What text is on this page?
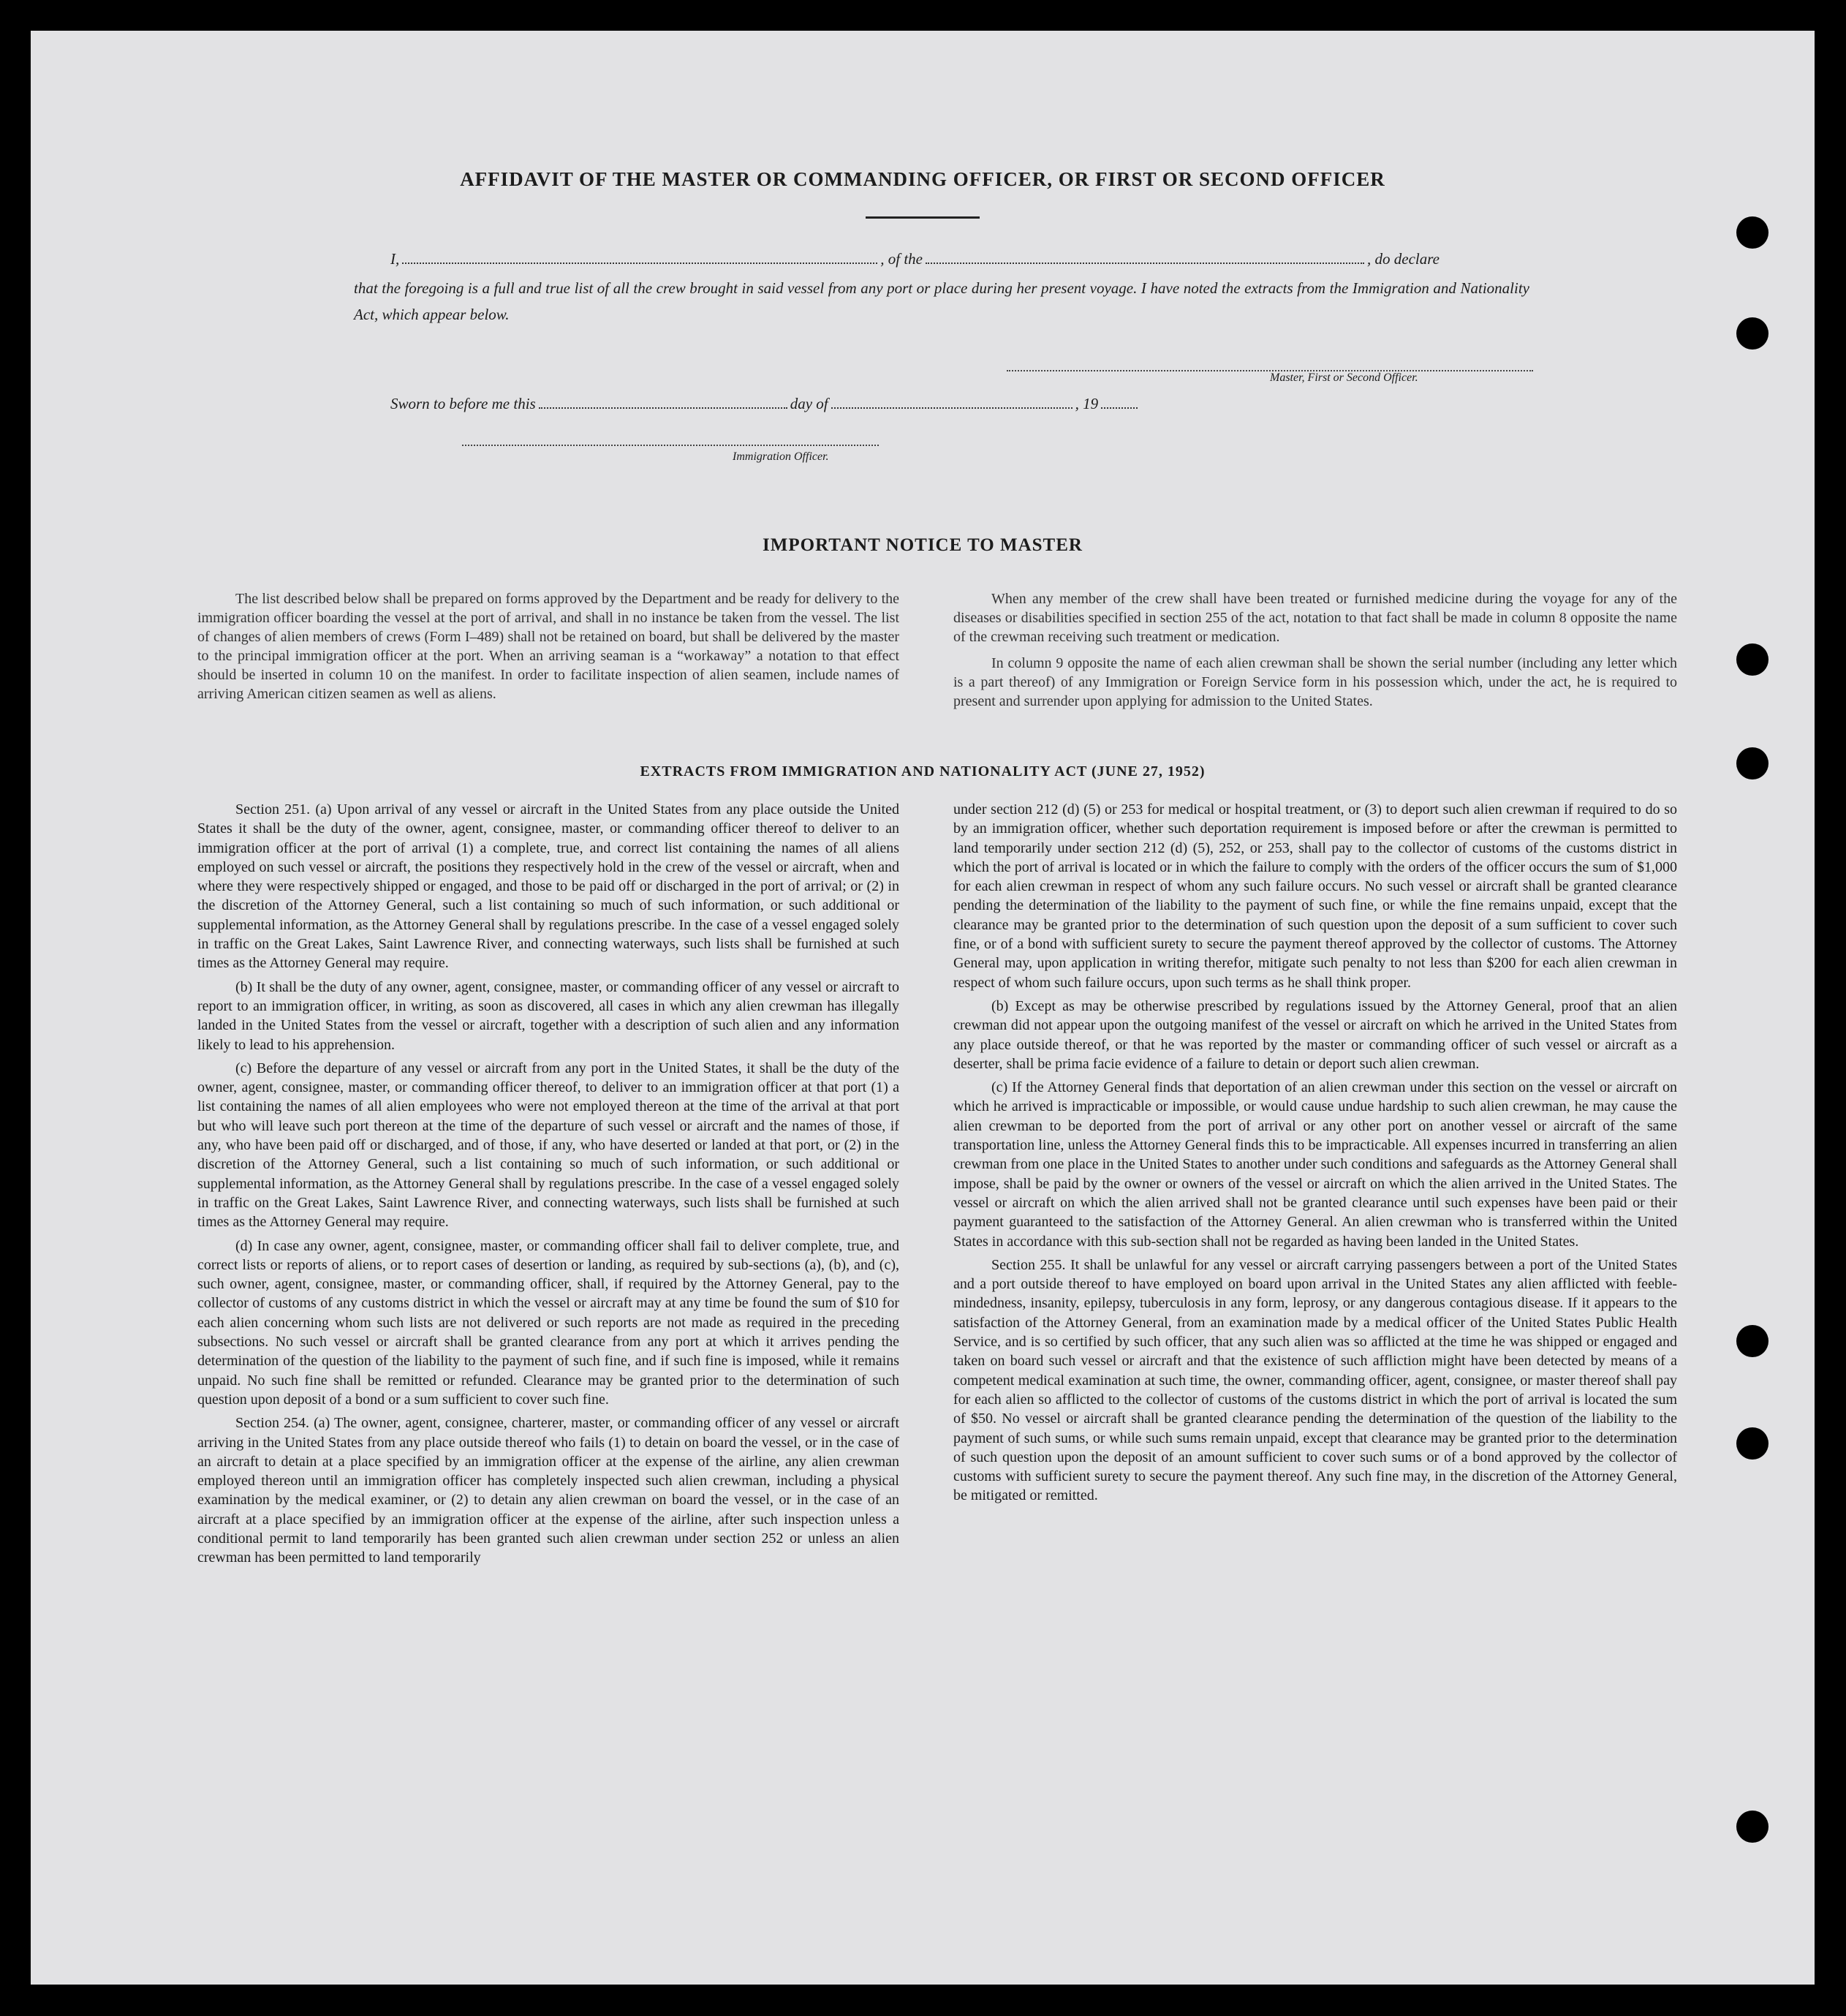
AFFIDAVIT OF THE MASTER OR COMMANDING OFFICER, OR FIRST OR SECOND OFFICER
I,	, of the	, do declare
that the foregoing is a full and true list of all the crew brought in said vessel from any port or place during her present voyage. I have noted the extracts from the Immigration and Nationality Act, which appear below.
Master, First or Second Officer.
Sworn to before me this	day of	, 19
Immigration Officer.
IMPORTANT NOTICE TO MASTER

The list described below shall be prepared on forms approved by the Department and be ready for delivery to the immigration officer boarding the vessel at the port of arrival, and shall in no instance be taken from the vessel. The list of changes of alien members of crews (Form I–489) shall not be retained on board, but shall be delivered by the master to the principal immigration officer at the port. When an arriving seaman is a “workaway” a notation to that effect should be inserted in column 10 on the manifest. In order to facilitate inspection of alien seamen, include names of arriving American citizen seamen as well as aliens.

When any member of the crew shall have been treated or furnished medicine during the voyage for any of the diseases or disabilities specified in section 255 of the act, notation to that fact shall be made in column 8 opposite the name of the crewman receiving such treatment or medication.

In column 9 opposite the name of each alien crewman shall be shown the serial number (including any letter which is a part thereof) of any Immigration or Foreign Service form in his possession which, under the act, he is required to present and surrender upon applying for admission to the United States.

EXTRACTS FROM IMMIGRATION AND NATIONALITY ACT (JUNE 27, 1952)

Section 251. (a) Upon arrival of any vessel or aircraft in the United States from any place outside the United States it shall be the duty of the owner, agent, consignee, master, or commanding officer thereof to deliver to an immigration officer at the port of arrival (1) a complete, true, and correct list containing the names of all aliens employed on such vessel or aircraft, the positions they respectively hold in the crew of the vessel or aircraft, when and where they were respectively shipped or engaged, and those to be paid off or discharged in the port of arrival; or (2) in the discretion of the Attorney General, such a list containing so much of such information, or such additional or supplemental information, as the Attorney General shall by regulations prescribe. In the case of a vessel engaged solely in traffic on the Great Lakes, Saint Lawrence River, and connecting waterways, such lists shall be furnished at such times as the Attorney General may require.

(b) It shall be the duty of any owner, agent, consignee, master, or commanding officer of any vessel or aircraft to report to an immigration officer, in writing, as soon as discovered, all cases in which any alien crewman has illegally landed in the United States from the vessel or aircraft, together with a description of such alien and any information likely to lead to his apprehension.

(c) Before the departure of any vessel or aircraft from any port in the United States, it shall be the duty of the owner, agent, consignee, master, or commanding officer thereof, to deliver to an immigration officer at that port (1) a list containing the names of all alien employees who were not employed thereon at the time of the arrival at that port but who will leave such port thereon at the time of the departure of such vessel or aircraft and the names of those, if any, who have been paid off or discharged, and of those, if any, who have deserted or landed at that port, or (2) in the discretion of the Attorney General, such a list containing so much of such information, or such additional or supplemental information, as the Attorney General shall by regulations prescribe. In the case of a vessel engaged solely in traffic on the Great Lakes, Saint Lawrence River, and connecting waterways, such lists shall be furnished at such times as the Attorney General may require.

(d) In case any owner, agent, consignee, master, or commanding officer shall fail to deliver complete, true, and correct lists or reports of aliens, or to report cases of desertion or landing, as required by sub-sections (a), (b), and (c), such owner, agent, consignee, master, or commanding officer, shall, if required by the Attorney General, pay to the collector of customs of any customs district in which the vessel or aircraft may at any time be found the sum of $10 for each alien concerning whom such lists are not delivered or such reports are not made as required in the preceding subsections. No such vessel or aircraft shall be granted clearance from any port at which it arrives pending the determination of the question of the liability to the payment of such fine, and if such fine is imposed, while it remains unpaid. No such fine shall be remitted or refunded. Clearance may be granted prior to the determination of such question upon deposit of a bond or a sum sufficient to cover such fine.

Section 254. (a) The owner, agent, consignee, charterer, master, or commanding officer of any vessel or aircraft arriving in the United States from any place outside thereof who fails (1) to detain on board the vessel, or in the case of an aircraft to detain at a place specified by an immigration officer at the expense of the airline, any alien crewman employed thereon until an immigration officer has completely inspected such alien crewman, including a physical examination by the medical examiner, or (2) to detain any alien crewman on board the vessel, or in the case of an aircraft at a place specified by an immigration officer at the expense of the airline, after such inspection unless a conditional permit to land temporarily has been granted such alien crewman under section 252 or unless an alien crewman has been permitted to land temporarily

under section 212 (d) (5) or 253 for medical or hospital treatment, or (3) to deport such alien crewman if required to do so by an immigration officer, whether such deportation requirement is imposed before or after the crewman is permitted to land temporarily under section 212 (d) (5), 252, or 253, shall pay to the collector of customs of the customs district in which the port of arrival is located or in which the failure to comply with the orders of the officer occurs the sum of $1,000 for each alien crewman in respect of whom any such failure occurs. No such vessel or aircraft shall be granted clearance pending the determination of the liability to the payment of such fine, or while the fine remains unpaid, except that the clearance may be granted prior to the determination of such question upon the deposit of a sum sufficient to cover such fine, or of a bond with sufficient surety to secure the payment thereof approved by the collector of customs. The Attorney General may, upon application in writing therefor, mitigate such penalty to not less than $200 for each alien crewman in respect of whom such failure occurs, upon such terms as he shall think proper.

(b) Except as may be otherwise prescribed by regulations issued by the Attorney General, proof that an alien crewman did not appear upon the outgoing manifest of the vessel or aircraft on which he arrived in the United States from any place outside thereof, or that he was reported by the master or commanding officer of such vessel or aircraft as a deserter, shall be prima facie evidence of a failure to detain or deport such alien crewman.

(c) If the Attorney General finds that deportation of an alien crewman under this section on the vessel or aircraft on which he arrived is impracticable or impossible, or would cause undue hardship to such alien crewman, he may cause the alien crewman to be deported from the port of arrival or any other port on another vessel or aircraft of the same transportation line, unless the Attorney General finds this to be impracticable. All expenses incurred in transferring an alien crewman from one place in the United States to another under such conditions and safeguards as the Attorney General shall impose, shall be paid by the owner or owners of the vessel or aircraft on which the alien arrived in the United States. The vessel or aircraft on which the alien arrived shall not be granted clearance until such expenses have been paid or their payment guaranteed to the satisfaction of the Attorney General. An alien crewman who is transferred within the United States in accordance with this sub-section shall not be regarded as having been landed in the United States.

Section 255. It shall be unlawful for any vessel or aircraft carrying passengers between a port of the United States and a port outside thereof to have employed on board upon arrival in the United States any alien afflicted with feeble-mindedness, insanity, epilepsy, tuberculosis in any form, leprosy, or any dangerous contagious disease. If it appears to the satisfaction of the Attorney General, from an examination made by a medical officer of the United States Public Health Service, and is so certified by such officer, that any such alien was so afflicted at the time he was shipped or engaged and taken on board such vessel or aircraft and that the existence of such affliction might have been detected by means of a competent medical examination at such time, the owner, commanding officer, agent, consignee, or master thereof shall pay for each alien so afflicted to the collector of customs of the customs district in which the port of arrival is located the sum of $50. No vessel or aircraft shall be granted clearance pending the determination of the question of the liability to the payment of such sums, or while such sums remain unpaid, except that clearance may be granted prior to the determination of such question upon the deposit of an amount sufficient to cover such sums or of a bond approved by the collector of customs with sufficient surety to secure the payment thereof. Any such fine may, in the discretion of the Attorney General, be mitigated or remitted.
